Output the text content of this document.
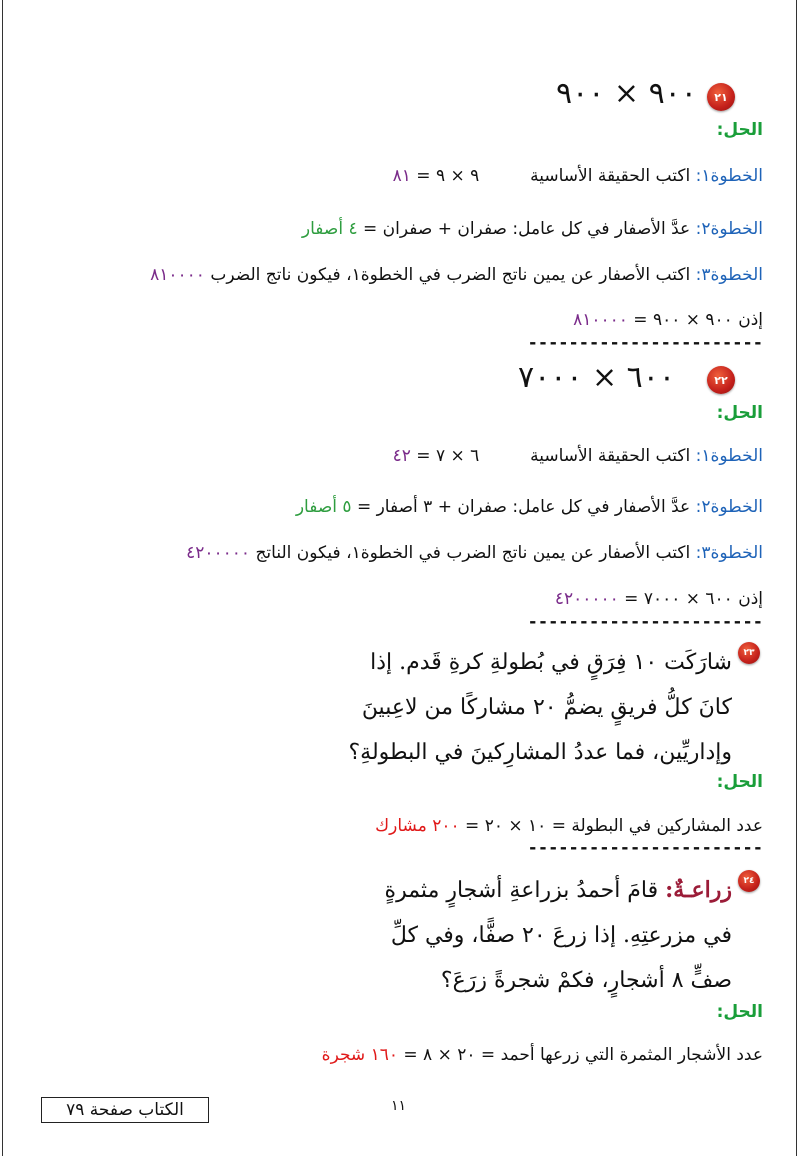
٢١
٩٠٠ × ٩٠٠
الحل:
الخطوة١: اكتب الحقيقة الأساسية  ٩ × ٩ = ٨١
الخطوة٢: عدَّ الأصفار في كل عامل: صفران + صفران = ٤ أصفار
الخطوة٣: اكتب الأصفار عن يمين ناتج الضرب في الخطوة١، فيكون ناتج الضرب ٨١٠٠٠٠
إذن ٩٠٠ × ٩٠٠ = ٨١٠٠٠٠
-----------------------
٢٢
٦٠٠ × ٧٠٠٠
الحل:
الخطوة١: اكتب الحقيقة الأساسية  ٦ × ٧ = ٤٢
الخطوة٢: عدَّ الأصفار في كل عامل: صفران + ٣ أصفار = ٥ أصفار
الخطوة٣: اكتب الأصفار عن يمين ناتج الضرب في الخطوة١، فيكون الناتج ٤٢٠٠٠٠٠
إذن ٦٠٠ × ٧٠٠٠ = ٤٢٠٠٠٠٠
-----------------------
٢٣
شارَكَت ١٠ فِرَقٍ في بُطولةِ كرةِ قَدم. إذا
كانَ كلُّ فريقٍ يضمُّ ٢٠ مشاركًا من لاعِبينَ
وإداريِّين، فما عددُ المشارِكينَ في البطولةِ؟
الحل:
عدد المشاركين في البطولة = ١٠ × ٢٠ = ٢٠٠ مشارك
-----------------------
٢٤
زراعـةٌ: قامَ أحمدُ بزراعةِ أشجارٍ مثمرةٍ
في مزرعتِهِ. إذا زرعَ ٢٠ صفًّا، وفي كلِّ
صفٍّ ٨ أشجارٍ، فكمْ شجرةً زرَعَ؟
الحل:
عدد الأشجار المثمرة التي زرعها أحمد = ٢٠ × ٨ = ١٦٠ شجرة
١١
الكتاب صفحة ٧٩
